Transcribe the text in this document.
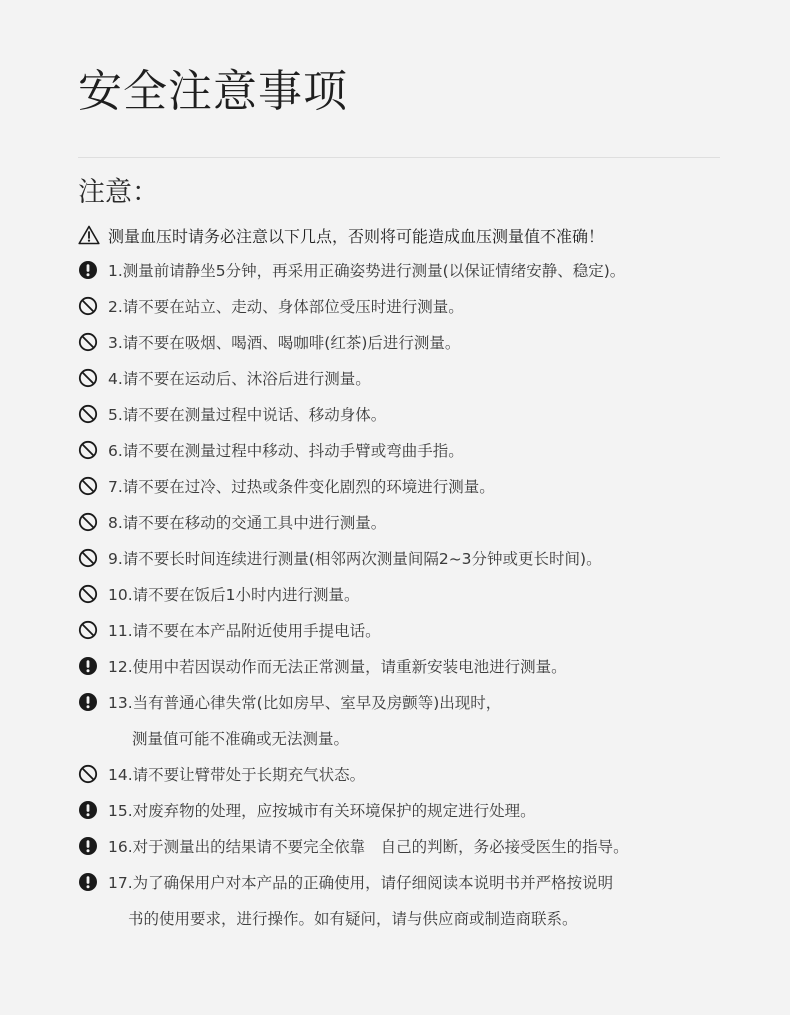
安全注意事项
注意：
测量血压时请务必注意以下几点，否则将可能造成血压测量值不准确！
1.测量前请静坐5分钟，再采用正确姿势进行测量(以保证情绪安静、稳定)。
2.请不要在站立、走动、身体部位受压时进行测量。
3.请不要在吸烟、喝酒、喝咖啡(红茶)后进行测量。
4.请不要在运动后、沐浴后进行测量。
5.请不要在测量过程中说话、移动身体。
6.请不要在测量过程中移动、抖动手臂或弯曲手指。
7.请不要在过冷、过热或条件变化剧烈的环境进行测量。
8.请不要在移动的交通工具中进行测量。
9.请不要长时间连续进行测量(相邻两次测量间隔2~3分钟或更长时间)。
10.请不要在饭后1小时内进行测量。
11.请不要在本产品附近使用手提电话。
12.使用中若因误动作而无法正常测量，请重新安装电池进行测量。
13.当有普通心律失常(比如房早、室早及房颤等)出现时，
测量值可能不准确或无法测量。
14.请不要让臂带处于长期充气状态。
15.对废弃物的处理，应按城市有关环境保护的规定进行处理。
16.对于测量出的结果请不要完全依靠　自己的判断，务必接受医生的指导。
17.为了确保用户对本产品的正确使用，请仔细阅读本说明书并严格按说明
书的使用要求，进行操作。如有疑问，请与供应商或制造商联系。
